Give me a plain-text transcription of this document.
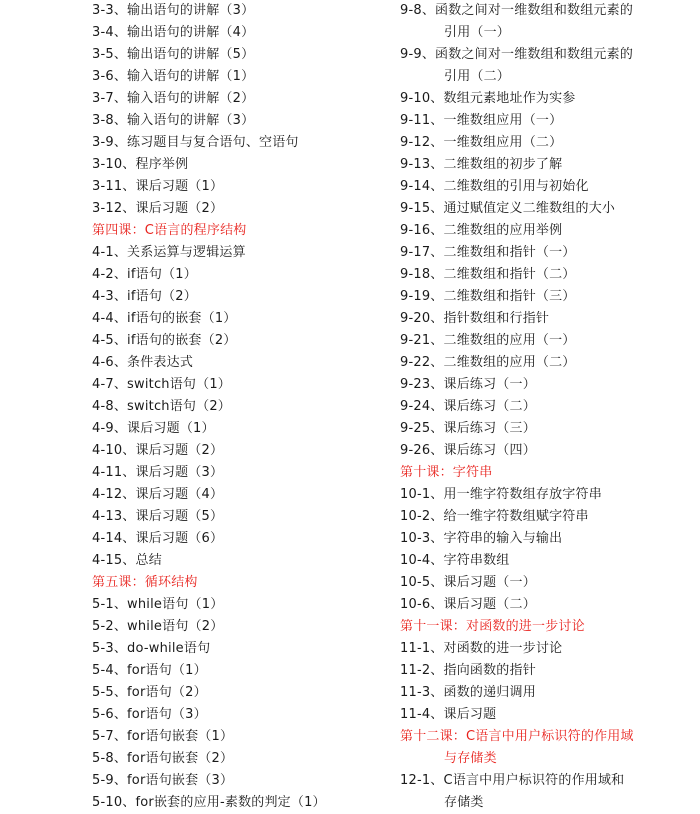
3-3、输出语句的讲解（3）
3-4、输出语句的讲解（4）
3-5、输出语句的讲解（5）
3-6、输入语句的讲解（1）
3-7、输入语句的讲解（2）
3-8、输入语句的讲解（3）
3-9、练习题目与复合语句、空语句
3-10、程序举例
3-11、课后习题（1）
3-12、课后习题（2）
第四课：C语言的程序结构
4-1、关系运算与逻辑运算
4-2、if语句（1）
4-3、if语句（2）
4-4、if语句的嵌套（1）
4-5、if语句的嵌套（2）
4-6、条件表达式
4-7、switch语句（1）
4-8、switch语句（2）
4-9、课后习题（1）
4-10、课后习题（2）
4-11、课后习题（3）
4-12、课后习题（4）
4-13、课后习题（5）
4-14、课后习题（6）
4-15、总结
第五课：循环结构
5-1、while语句（1）
5-2、while语句（2）
5-3、do-while语句
5-4、for语句（1）
5-5、for语句（2）
5-6、for语句（3）
5-7、for语句嵌套（1）
5-8、for语句嵌套（2）
5-9、for语句嵌套（3）
5-10、for嵌套的应用-素数的判定（1）
9-8、函数之间对一维数组和数组元素的引用（一）
9-9、函数之间对一维数组和数组元素的引用（二）
9-10、数组元素地址作为实参
9-11、一维数组应用（一）
9-12、一维数组应用（二）
9-13、二维数组的初步了解
9-14、二维数组的引用与初始化
9-15、通过赋值定义二维数组的大小
9-16、二维数组的应用举例
9-17、二维数组和指针（一）
9-18、二维数组和指针（二）
9-19、二维数组和指针（三）
9-20、指针数组和行指针
9-21、二维数组的应用（一）
9-22、二维数组的应用（二）
9-23、课后练习（一）
9-24、课后练习（二）
9-25、课后练习（三）
9-26、课后练习（四）
第十课：字符串
10-1、用一维字符数组存放字符串
10-2、给一维字符数组赋字符串
10-3、字符串的输入与输出
10-4、字符串数组
10-5、课后习题（一）
10-6、课后习题（二）
第十一课：对函数的进一步讨论
11-1、对函数的进一步讨论
11-2、指向函数的指针
11-3、函数的递归调用
11-4、课后习题
第十二课：C语言中用户标识符的作用域与存储类
12-1、C语言中用户标识符的作用域和存储类
